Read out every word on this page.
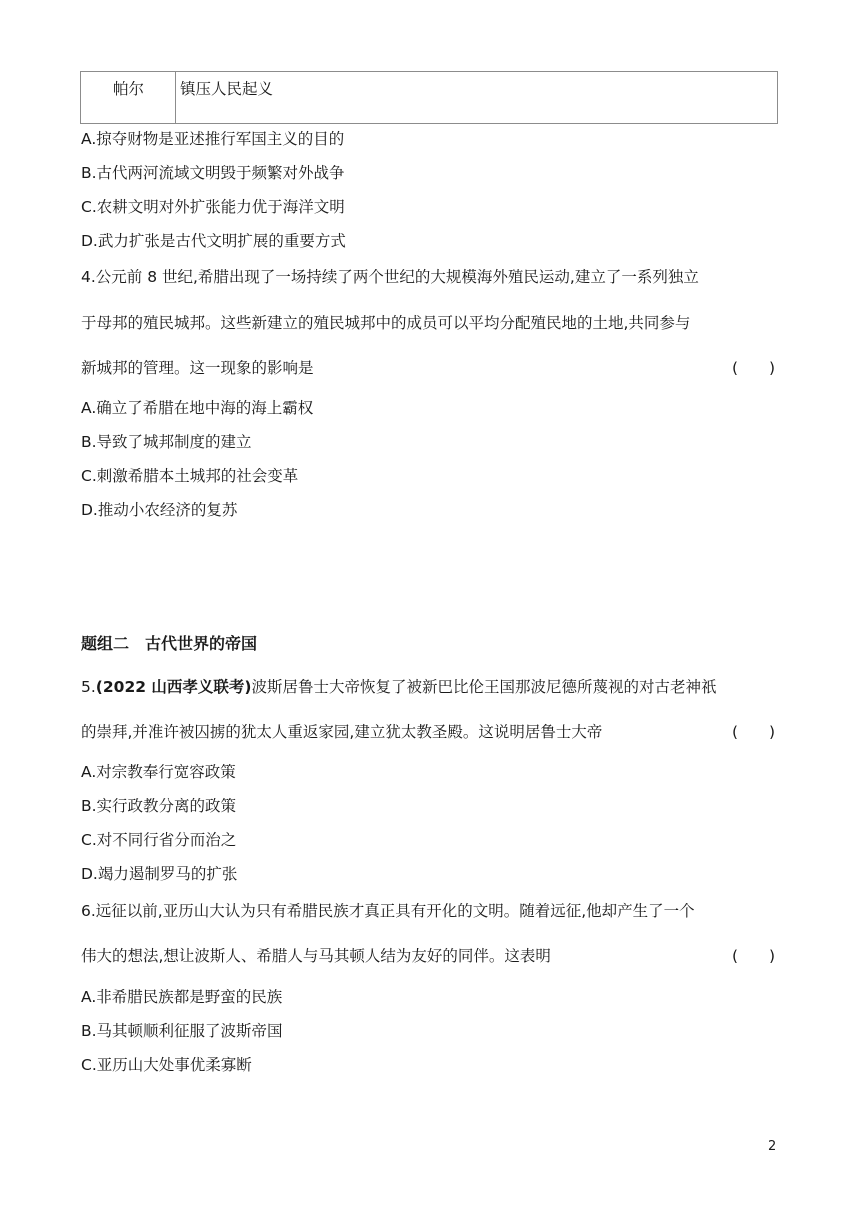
帕尔 镇压人民起义
A.掠夺财物是亚述推行军国主义的目的
B.古代两河流域文明毁于频繁对外战争
C.农耕文明对外扩张能力优于海洋文明
D.武力扩张是古代文明扩展的重要方式
4.公元前 8 世纪,希腊出现了一场持续了两个世纪的大规模海外殖民运动,建立了一系列独立
于母邦的殖民城邦。这些新建立的殖民城邦中的成员可以平均分配殖民地的土地,共同参与
新城邦的管理。这一现象的影响是	(　　)
A.确立了希腊在地中海的海上霸权
B.导致了城邦制度的建立
C.刺激希腊本土城邦的社会变革
D.推动小农经济的复苏
题组二　古代世界的帝国
5.(2022 山西孝义联考)波斯居鲁士大帝恢复了被新巴比伦王国那波尼德所蔑视的对古老神祇
的崇拜,并准许被囚掳的犹太人重返家园,建立犹太教圣殿。这说明居鲁士大帝	(　　)
A.对宗教奉行宽容政策
B.实行政教分离的政策
C.对不同行省分而治之
D.竭力遏制罗马的扩张
6.远征以前,亚历山大认为只有希腊民族才真正具有开化的文明。随着远征,他却产生了一个
伟大的想法,想让波斯人、希腊人与马其顿人结为友好的同伴。这表明	(　　)
A.非希腊民族都是野蛮的民族
B.马其顿顺利征服了波斯帝国
C.亚历山大处事优柔寡断
2
